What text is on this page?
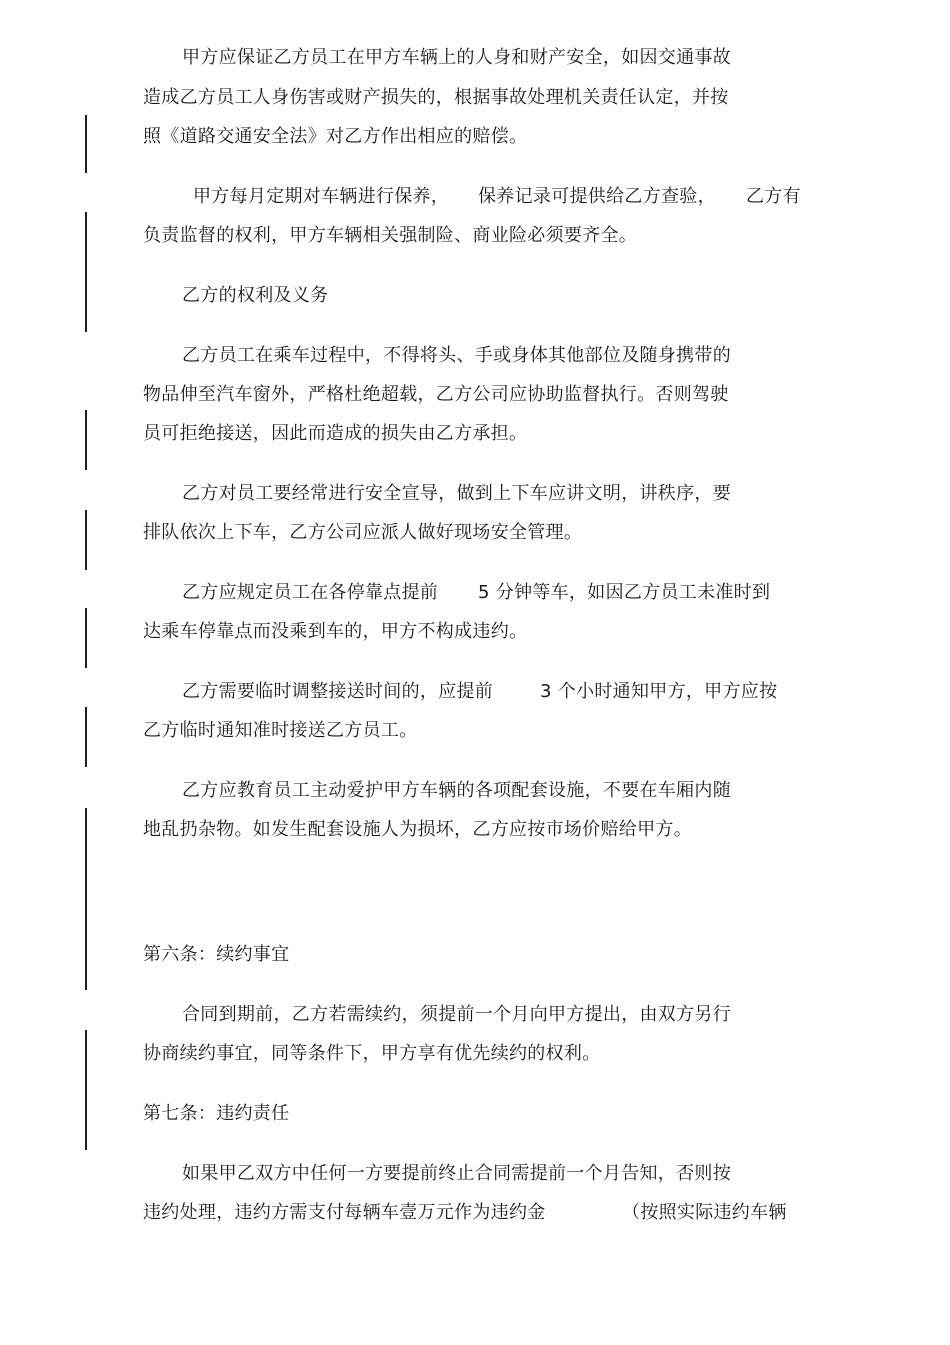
甲方应保证乙方员工在甲方车辆上的人身和财产安全，如因交通事故
造成乙方员工人身伤害或财产损失的，根据事故处理机关责任认定，并按
照《道路交通安全法》对乙方作出相应的赔偿。
甲方每月定期对车辆进行保养， 保养记录可提供给乙方查验， 乙方有
负责监督的权利，甲方车辆相关强制险、商业险必须要齐全。
乙方的权利及义务
乙方员工在乘车过程中，不得将头、手或身体其他部位及随身携带的
物品伸至汽车窗外，严格杜绝超载，乙方公司应协助监督执行。否则驾驶
员可拒绝接送，因此而造成的损失由乙方承担。
乙方对员工要经常进行安全宣导，做到上下车应讲文明，讲秩序，要
排队依次上下车，乙方公司应派人做好现场安全管理。
乙方应规定员工在各停靠点提前 5 分钟等车，如因乙方员工未准时到
达乘车停靠点而没乘到车的，甲方不构成违约。
乙方需要临时调整接送时间的，应提前	3 个小时通知甲方，甲方应按
乙方临时通知准时接送乙方员工。
乙方应教育员工主动爱护甲方车辆的各项配套设施，不要在车厢内随
地乱扔杂物。如发生配套设施人为损坏，乙方应按市场价赔给甲方。
第六条：续约事宜
合同到期前，乙方若需续约，须提前一个月向甲方提出，由双方另行
协商续约事宜，同等条件下，甲方享有优先续约的权利。
第七条：违约责任
如果甲乙双方中任何一方要提前终止合同需提前一个月告知，否则按
违约处理，违约方需支付每辆车壹万元作为违约金	（按照实际违约车辆
